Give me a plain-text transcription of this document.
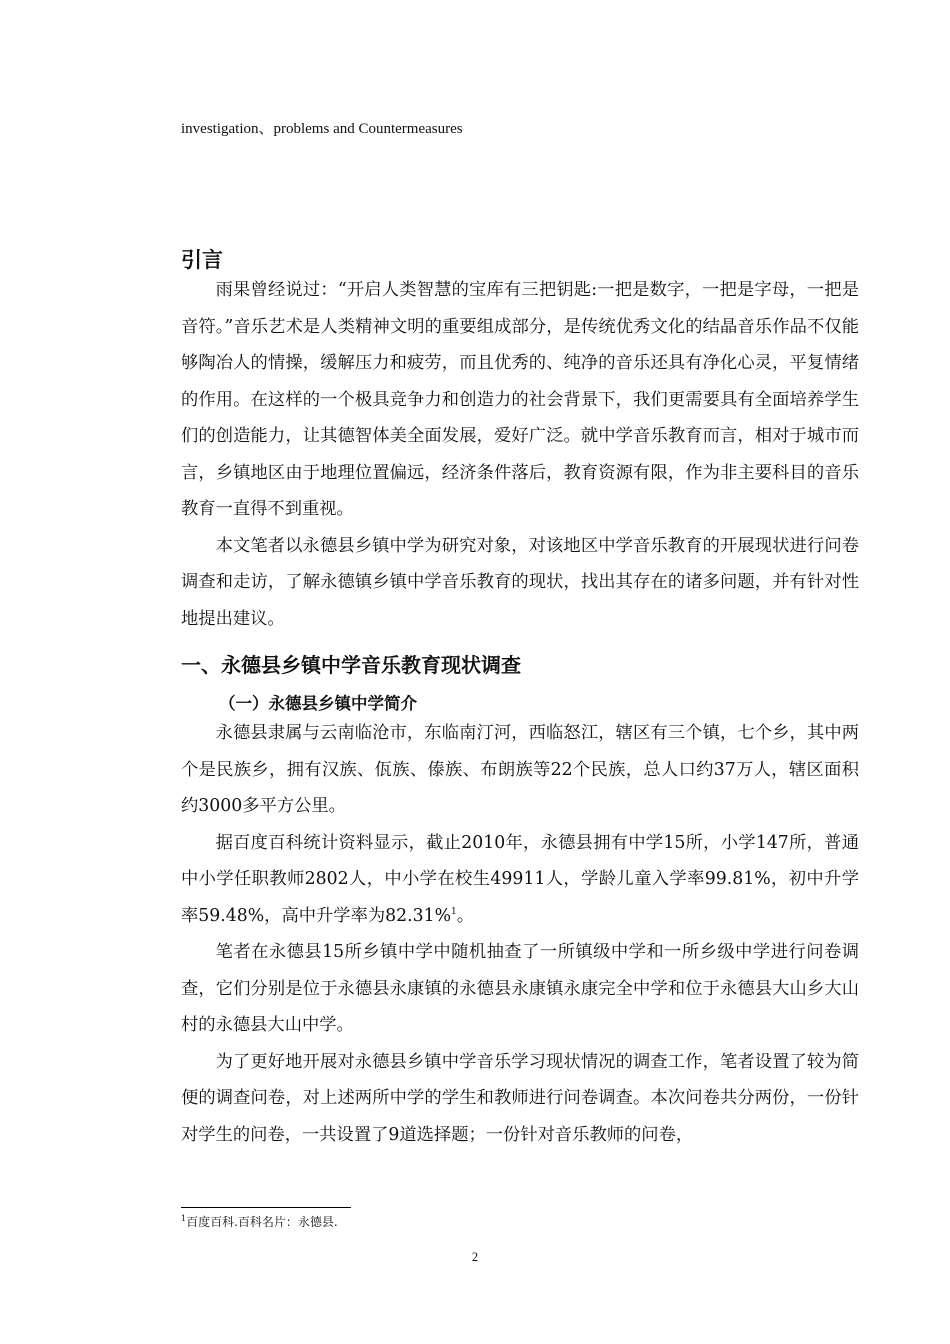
investigation、problems and Countermeasures
引言

雨果曾经说过：“开启人类智慧的宝库有三把钥匙:一把是数字，一把是字母，一把是音符。”音乐艺术是人类精神文明的重要组成部分，是传统优秀文化的结晶音乐作品不仅能够陶冶人的情操，缓解压力和疲劳，而且优秀的、纯净的音乐还具有净化心灵，平复情绪的作用。在这样的一个极具竞争力和创造力的社会背景下，我们更需要具有全面培养学生们的创造能力，让其德智体美全面发展，爱好广泛。就中学音乐教育而言，相对于城市而言，乡镇地区由于地理位置偏远，经济条件落后，教育资源有限，作为非主要科目的音乐教育一直得不到重视。

本文笔者以永德县乡镇中学为研究对象，对该地区中学音乐教育的开展现状进行问卷调查和走访，了解永德镇乡镇中学音乐教育的现状，找出其存在的诸多问题，并有针对性地提出建议。

一、永德县乡镇中学音乐教育现状调查
（一）永德县乡镇中学简介

永德县隶属与云南临沧市，东临南汀河，西临怒江，辖区有三个镇，七个乡，其中两个是民族乡，拥有汉族、佤族、傣族、布朗族等22个民族，总人口约37万人，辖区面积约3000多平方公里。

据百度百科统计资料显示，截止2010年，永德县拥有中学15所，小学147所，普通中小学任职教师2802人，中小学在校生49911人，学龄儿童入学率99.81%，初中升学率59.48%，高中升学率为82.31%$^1$。

笔者在永德县15所乡镇中学中随机抽查了一所镇级中学和一所乡级中学进行问卷调查，它们分别是位于永德县永康镇的永德县永康镇永康完全中学和位于永德县大山乡大山村的永德县大山中学。

为了更好地开展对永德县乡镇中学音乐学习现状情况的调查工作，笔者设置了较为简便的调查问卷，对上述两所中学的学生和教师进行问卷调查。本次问卷共分两份，一份针对学生的问卷，一共设置了9道选择题；一份针对音乐教师的问卷，

$^1$百度百科.百科名片：永德县.
2
